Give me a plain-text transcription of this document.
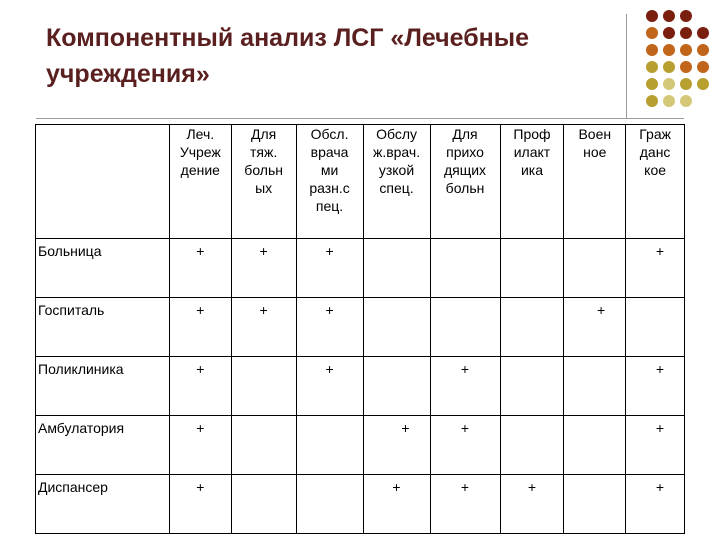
Компонентный анализ ЛСГ «Лечебные учреждения»
	Леч.
Учреж
дение	Для
тяж.
больн
ых	Обсл.
врача
ми
разн.с
пец.	Обслу
ж.врач.
узкой
спец.	Для
прихо
дящих
больн	Проф
илакт
ика	Воен
ное	Граж
данс
кое
Больница	+	+	+					+
Госпиталь	+	+	+				+	
Поликлиника	+		+		+			+
Амбулатория	+			+	+			+
Диспансер	+			+	+	+		+
